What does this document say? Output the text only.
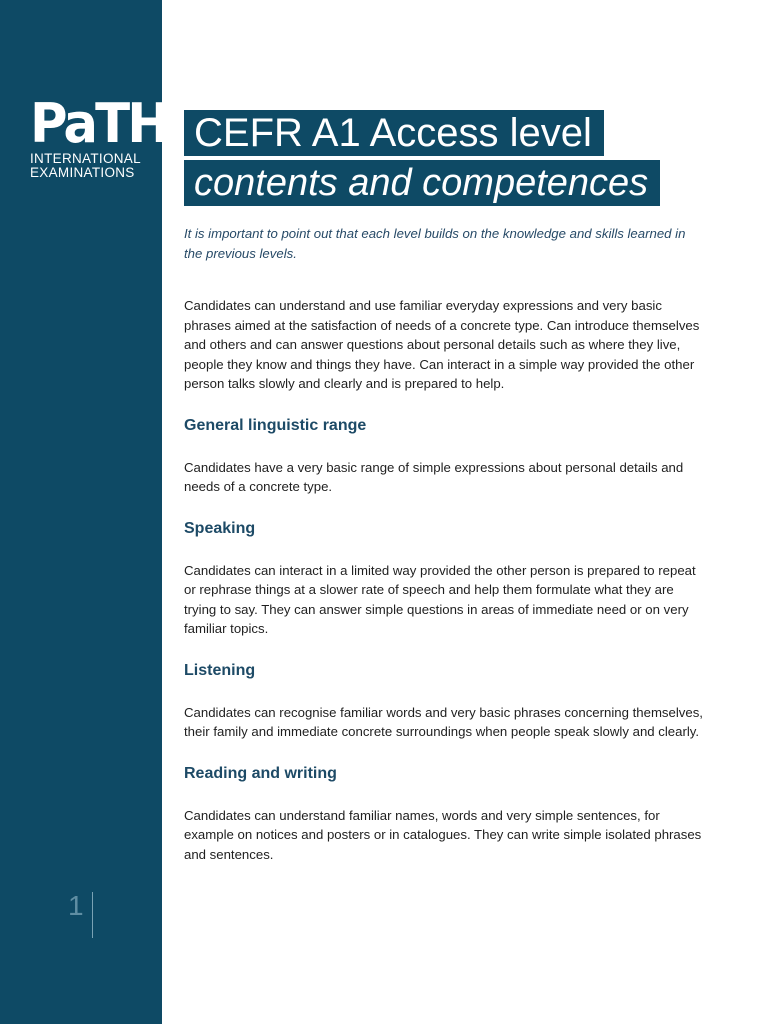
PaTH
INTERNATIONAL
EXAMINATIONS
1
CEFR A1 Access level
contents and competences
It is important to point out that each level builds on the knowledge and skills learned in the previous levels.

Candidates can understand and use familiar everyday expressions and very basic phrases aimed at the satisfaction of needs of a concrete type. Can introduce themselves and others and can answer questions about personal details such as where they live, people they know and things they have. Can interact in a simple way provided the other person talks slowly and clearly and is prepared to help.

General linguistic range

Candidates have a very basic range of simple expressions about personal details and needs of a concrete type.

Speaking

Candidates can interact in a limited way provided the other person is prepared to repeat or rephrase things at a slower rate of speech and help them formulate what they are trying to say. They can answer simple questions in areas of immediate need or on very familiar topics.

Listening

Candidates can recognise familiar words and very basic phrases concerning themselves, their family and immediate concrete surroundings when people speak slowly and clearly.

Reading and writing

Candidates can understand familiar names, words and very simple sentences, for example on notices and posters or in catalogues. They can write simple isolated phrases and sentences.
